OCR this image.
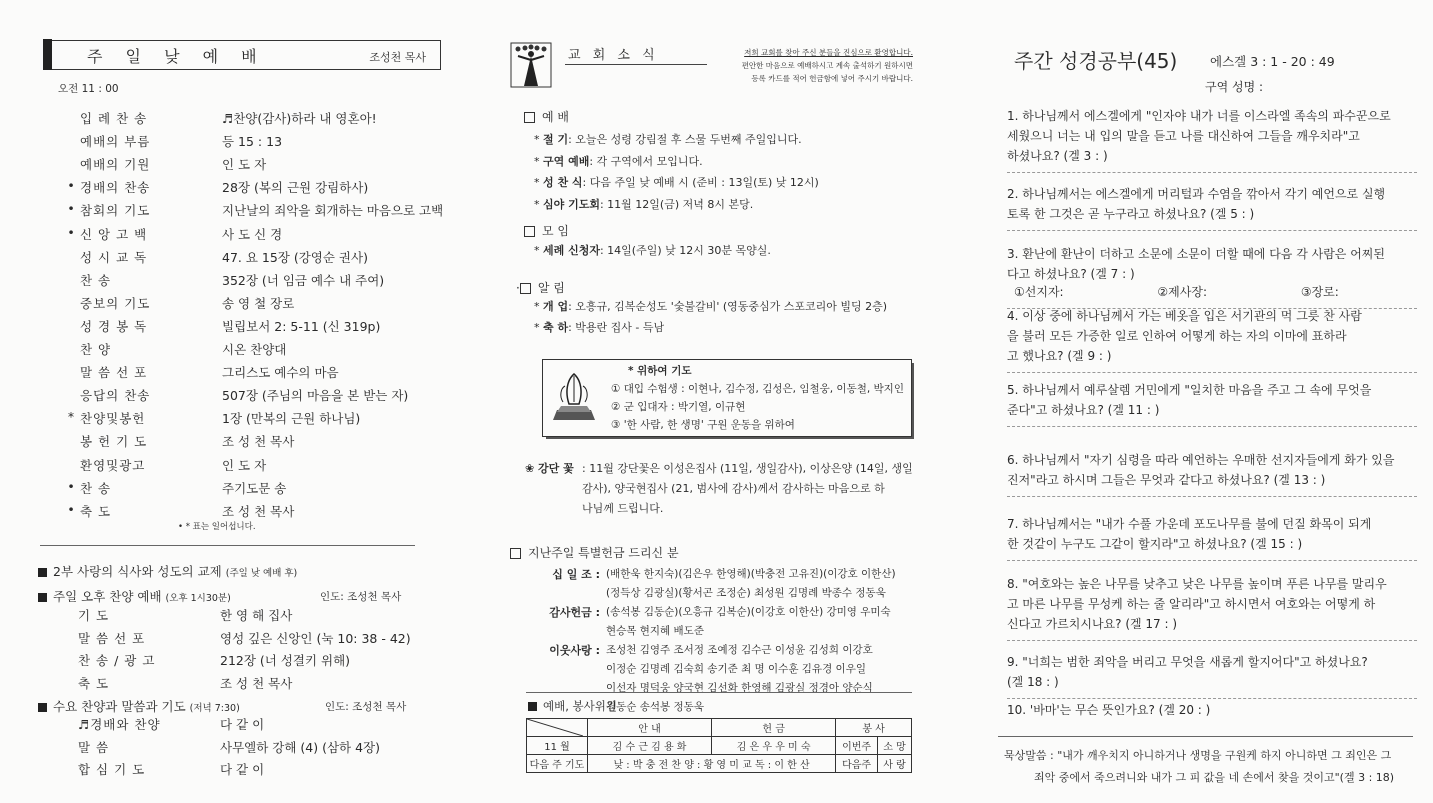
주 일 낮 예 배	조성천 목사
오전 11 : 00
입 례 찬 송	♬찬양(감사)하라 내 영혼아!
예배의 부름	등 15 : 13
예배의 기원	인 도 자
• 경배의 찬송	28장 (복의 근원 강림하사)
• 참회의 기도	지난날의 죄악을 회개하는 마음으로 고백
• 신 앙 고 백	사 도 신 경
성 시 교 독	47. 요 15장 (강영순 권사)
찬 송	352장 (너 임금 예수 내 주여)
중보의 기도	송 영 철 장로
성 경 봉 독	빌립보서 2: 5-11 (신 319p)
찬 양	시온 찬양대
말 씀 선 포	그리스도 예수의 마음
응답의 찬송	507장 (주님의 마음을 본 받는 자)
* 찬양및봉헌	1장 (만복의 근원 하나님)
봉 헌 기 도	조 성 천 목사
환영및광고	인 도 자
• 찬 송	주기도문 송
• 축 도	조 성 천 목사
• * 표는 일어섭니다.
2부 사랑의 식사와 성도의 교제 (주일 낮 예배 후)
주일 오후 찬양 예배 (오후 1시30분)	인도: 조성천 목사
기 도	한 영 해 집사
말 씀 선 포	영성 깊은 신앙인 (눅 10: 38 - 42)
찬 송 / 광 고	212장 (너 성결키 위해)
축 도	조 성 천 목사
수요 찬양과 말씀과 기도 (저녁 7:30)	인도: 조성천 목사
♬경배와 찬양	다 같 이
말 씀	사무엘하 강해 (4) (삼하 4장)
합 심 기 도	다 같 이
교 회 소 식	저희 교회를 찾아 주신 분들을 진심으로 환영합니다.
편안한 마음으로 예배하시고 계속 출석하기 원하시면
등록 카드를 적어 헌금함에 넣어 주시기 바랍니다.
예 배
* 절 기: 오늘은 성령 강림절 후 스물 두번째 주일입니다.
* 구역 예배: 각 구역에서 모입니다.
* 성 찬 식: 다음 주일 낮 예배 시 (준비 : 13일(토) 낮 12시)
* 심야 기도회: 11월 12일(금) 저녁 8시 본당.
모 임
* 세례 신청자: 14일(주일) 낮 12시 30분 목양실.
· 알 림
* 개 업: 오흥규, 김복순성도 '숯불갈비' (영동중심가 스포코리아 빌딩 2층)
* 축 하: 박용란 집사 - 득남
* 위하여 기도
① 대입 수험생 : 이현나, 김수정, 김성은, 임철웅, 이동철, 박지인
② 군 입대자 : 박기열, 이규현
③ '한 사람, 한 생명' 구원 운동을 위하여
❀ 강단 꽃 : 11월 강단꽃은 이성은집사 (11일, 생일감사), 이상은양 (14일, 생일
감사), 양국현집사 (21, 범사에 감사)께서 감사하는 마음으로 하
나님께 드립니다.
지난주일 특별헌금 드리신 분
십 일 조 : (배한욱 한지숙)(김은우 한영해)(박충전 고유진)(이강호 이한산)
(정득상 김광실)(황서곤 조정순) 최성원 김명례 박종수 정동욱
감사헌금 : (송석봉 김동순)(오흥규 김복순)(이강호 이한산) 강미영 우미숙
현승목 현지혜 배도준
이웃사랑 : 조성천 김영주 조서정 조예정 김수근 이성윤 김성희 이강호
이정순 김명례 김숙희 송기준 최 명 이수훈 김유경 이우일
이선자 명덕웅 양국현 김선화 한영해 김광실 정경아 양순식
김동순 송석봉 정동욱
예배, 봉사위원
	안 내	헌 금	봉 사	
11 월	김 수 근 김 용 화	김 은 우 우 미 숙	이번주	소 망
다음 주 기도	낮 : 박 충 전 찬 양 : 황 영 미 교 독 : 이 한 산		다음주	사 랑
주간 성경공부(45)	에스겔 3 : 1 - 20 : 49
구역 성명 :
1. 하나님께서 에스겔에게 "인자야 내가 너를 이스라엘 족속의 파수꾼으로
세웠으니 너는 내 입의 말을 듣고 나를 대신하여 그들을 깨우치라"고
하셨나요? (겔 3 : )
2. 하나님께서는 에스겔에게 머리털과 수염을 깎아서 각기 예언으로 실행
토록 한 그것은 곧 누구라고 하셨나요? (겔 5 : )
3. 환난에 환난이 더하고 소문에 소문이 더할 때에 다음 각 사람은 어찌된
다고 하셨나요? (겔 7 : )
4. 이상 중에 하나님께서 가는 베옷을 입은 서기관의 먹 그릇 찬 사람
을 불러 모든 가증한 일로 인하여 어떻게 하는 자의 이마에 표하라
고 했나요? (겔 9 : )
5. 하나님께서 예루살렘 거민에게 "일치한 마음을 주고 그 속에 무엇을
준다"고 하셨나요? (겔 11 : )
6. 하나님께서 "자기 심령을 따라 예언하는 우매한 선지자들에게 화가 있을
진저"라고 하시며 그들은 무엇과 같다고 하셨나요? (겔 13 : )
7. 하나님께서는 "내가 수풀 가운데 포도나무를 불에 던질 화목이 되게
한 것같이 누구도 그같이 할지라"고 하셨나요? (겔 15 : )
8. "여호와는 높은 나무를 낮추고 낮은 나무를 높이며 푸른 나무를 말리우
고 마른 나무를 무성케 하는 줄 알리라"고 하시면서 여호와는 어떻게 하
신다고 가르치시나요? (겔 17 : )
9. "너희는 범한 죄악을 버리고 무엇을 새롭게 할지어다"고 하셨나요?
(겔 18 : )
10. '바마'는 무슨 뜻인가요? (겔 20 : )
①선지자:	②제사장:	③장로:
묵상말씀 : "내가 깨우치지 아니하거나 생명을 구원케 하지 아니하면 그 죄인은 그
죄악 중에서 죽으려니와 내가 그 피 값을 네 손에서 찾을 것이고"(겔 3 : 18)
